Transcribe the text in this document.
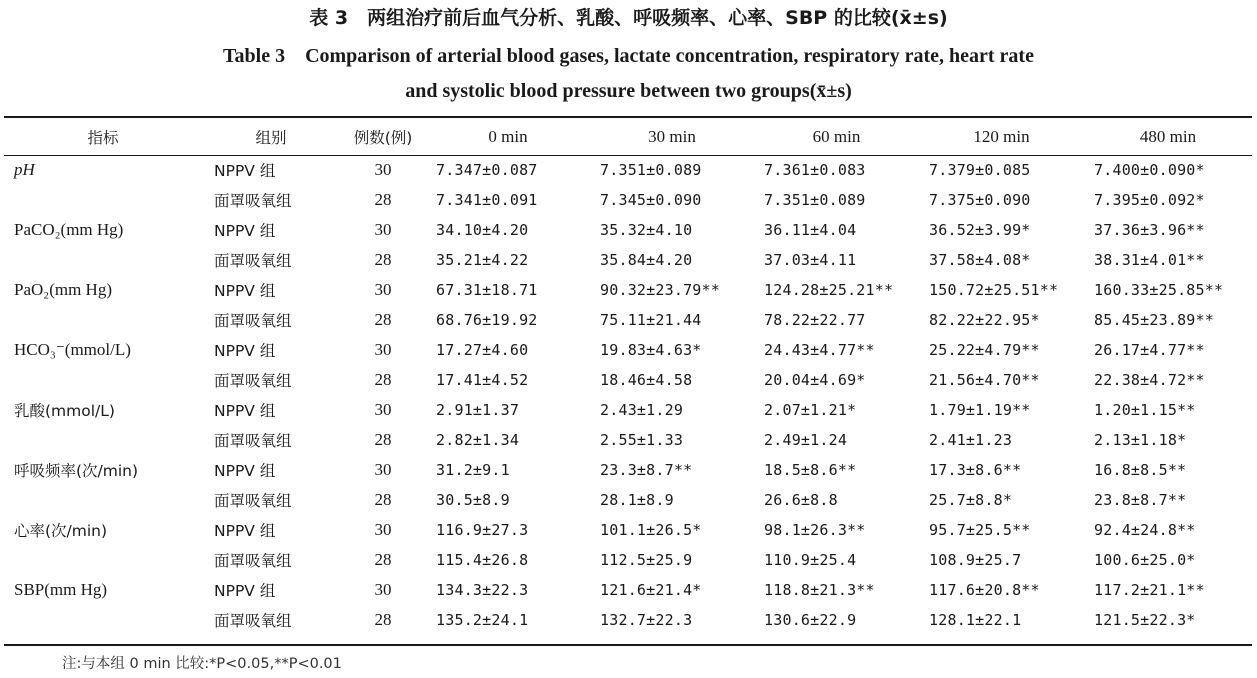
表 3　两组治疗前后血气分析、乳酸、呼吸频率、心率、SBP 的比较(x̄±s)
Table 3　Comparison of arterial blood gases, lactate concentration, respiratory rate, heart rate
and systolic blood pressure between two groups(x̄±s)
指标	组别	例数(例)	0 min	30 min	60 min	120 min	480 min
pH	NPPV 组	30	7.347±0.087	7.351±0.089	7.361±0.083	7.379±0.085	7.400±0.090*
	面罩吸氧组	28	7.341±0.091	7.345±0.090	7.351±0.089	7.375±0.090	7.395±0.092*
PaCO₂(mm Hg)	NPPV 组	30	34.10±4.20	35.32±4.10	36.11±4.04	36.52±3.99*	37.36±3.96**
	面罩吸氧组	28	35.21±4.22	35.84±4.20	37.03±4.11	37.58±4.08*	38.31±4.01**
PaO₂(mm Hg)	NPPV 组	30	67.31±18.71	90.32±23.79**	124.28±25.21**	150.72±25.51**	160.33±25.85**
	面罩吸氧组	28	68.76±19.92	75.11±21.44	78.22±22.77	82.22±22.95*	85.45±23.89**
HCO₃⁻(mmol/L)	NPPV 组	30	17.27±4.60	19.83±4.63*	24.43±4.77**	25.22±4.79**	26.17±4.77**
	面罩吸氧组	28	17.41±4.52	18.46±4.58	20.04±4.69*	21.56±4.70**	22.38±4.72**
乳酸(mmol/L)	NPPV 组	30	2.91±1.37	2.43±1.29	2.07±1.21*	1.79±1.19**	1.20±1.15**
	面罩吸氧组	28	2.82±1.34	2.55±1.33	2.49±1.24	2.41±1.23	2.13±1.18*
呼吸频率(次/min)	NPPV 组	30	31.2±9.1	23.3±8.7**	18.5±8.6**	17.3±8.6**	16.8±8.5**
	面罩吸氧组	28	30.5±8.9	28.1±8.9	26.6±8.8	25.7±8.8*	23.8±8.7**
心率(次/min)	NPPV 组	30	116.9±27.3	101.1±26.5*	98.1±26.3**	95.7±25.5**	92.4±24.8**
	面罩吸氧组	28	115.4±26.8	112.5±25.9	110.9±25.4	108.9±25.7	100.6±25.0*
SBP(mm Hg)	NPPV 组	30	134.3±22.3	121.6±21.4*	118.8±21.3**	117.6±20.8**	117.2±21.1**
	面罩吸氧组	28	135.2±24.1	132.7±22.3	130.6±22.9	128.1±22.1	121.5±22.3*
注:与本组 0 min 比较:*P<0.05,**P<0.01
